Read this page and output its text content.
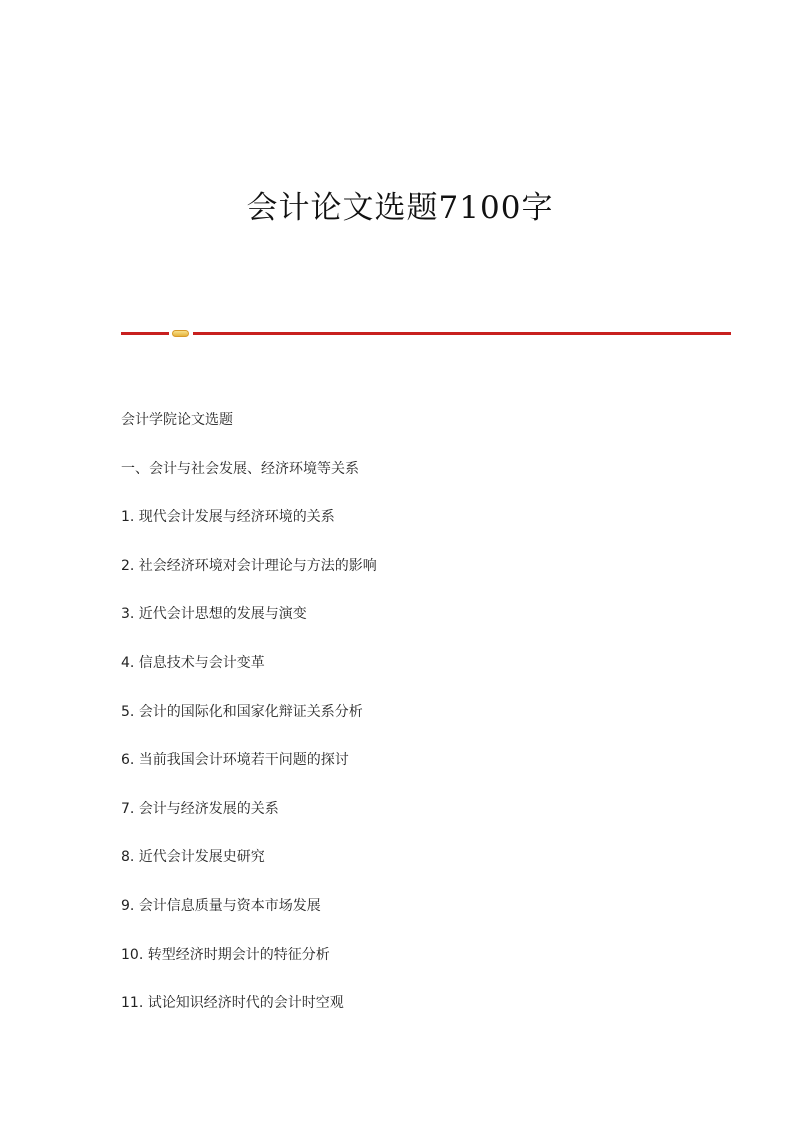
会计论文选题7100字
会计学院论文选题
一、会计与社会发展、经济环境等关系
1. 现代会计发展与经济环境的关系
2. 社会经济环境对会计理论与方法的影响
3. 近代会计思想的发展与演变
4. 信息技术与会计变革
5. 会计的国际化和国家化辩证关系分析
6. 当前我国会计环境若干问题的探讨
7. 会计与经济发展的关系
8. 近代会计发展史研究
9. 会计信息质量与资本市场发展
10. 转型经济时期会计的特征分析
11. 试论知识经济时代的会计时空观
